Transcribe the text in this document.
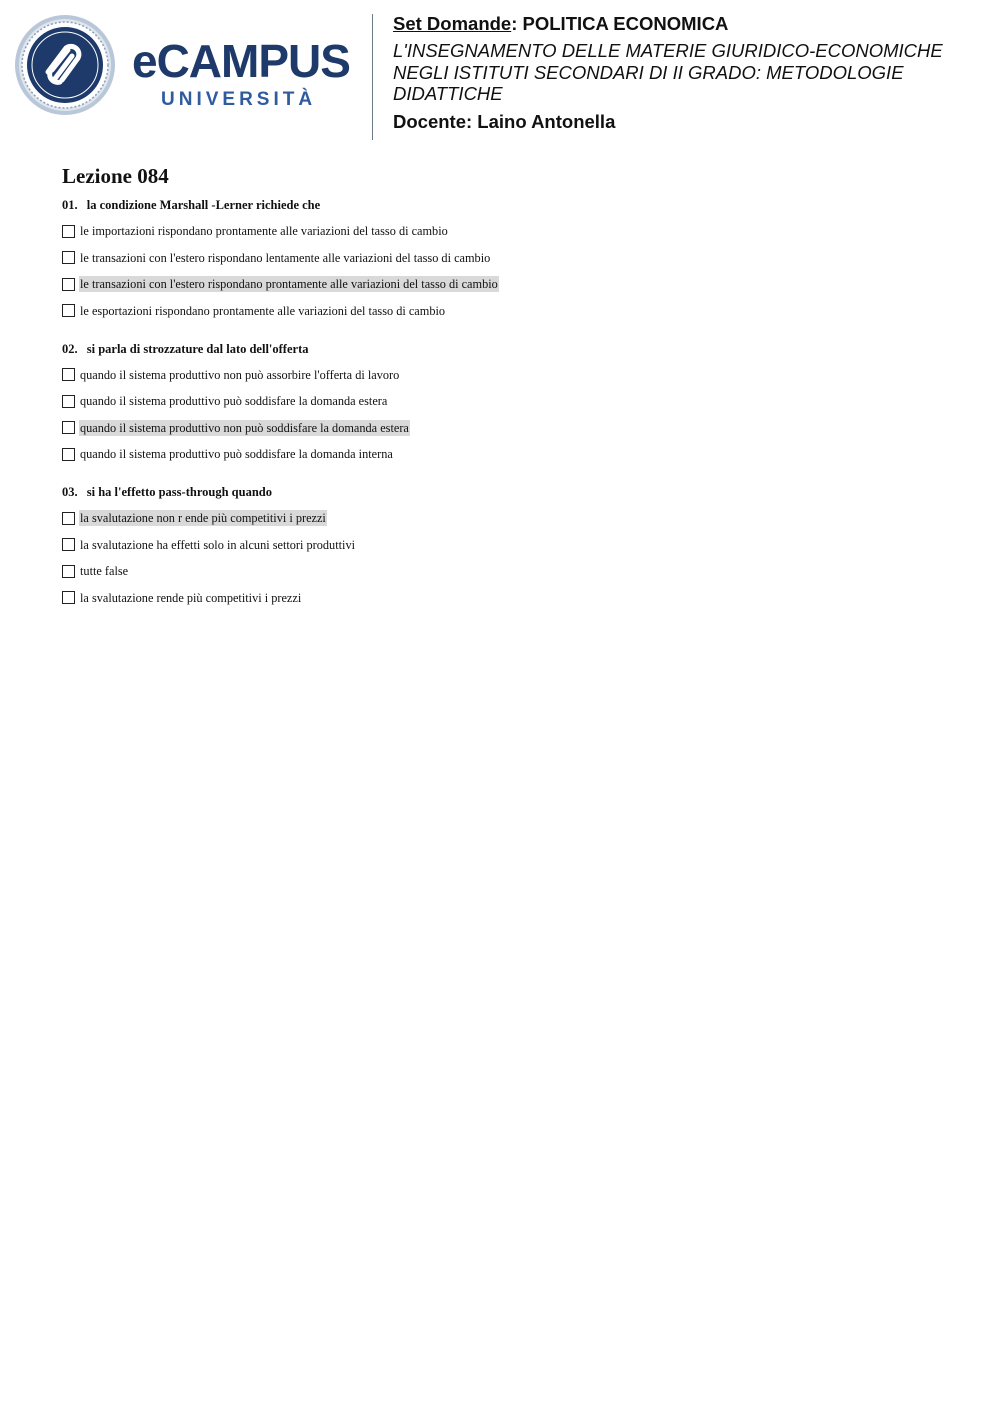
eCAMPUS
UNIVERSITÀ
Set Domande: POLITICA ECONOMICA
L'INSEGNAMENTO DELLE MATERIE GIURIDICO-ECONOMICHE NEGLI ISTITUTI SECONDARI DI II GRADO: METODOLOGIE DIDATTICHE
Docente: Laino Antonella
Lezione 084
01. la condizione Marshall -Lerner richiede che
le importazioni rispondano prontamente alle variazioni del tasso di cambio
le transazioni con l'estero rispondano lentamente alle variazioni del tasso di cambio
le transazioni con l'estero rispondano prontamente alle variazioni del tasso di cambio
le esportazioni rispondano prontamente alle variazioni del tasso di cambio
02. si parla di strozzature dal lato dell'offerta
quando il sistema produttivo non può assorbire l'offerta di lavoro
quando il sistema produttivo può soddisfare la domanda estera
quando il sistema produttivo non può soddisfare la domanda estera
quando il sistema produttivo può soddisfare la domanda interna
03. si ha l'effetto pass-through quando
la svalutazione non r ende più competitivi i prezzi
la svalutazione ha effetti solo in alcuni settori produttivi
tutte false
la svalutazione rende più competitivi i prezzi
